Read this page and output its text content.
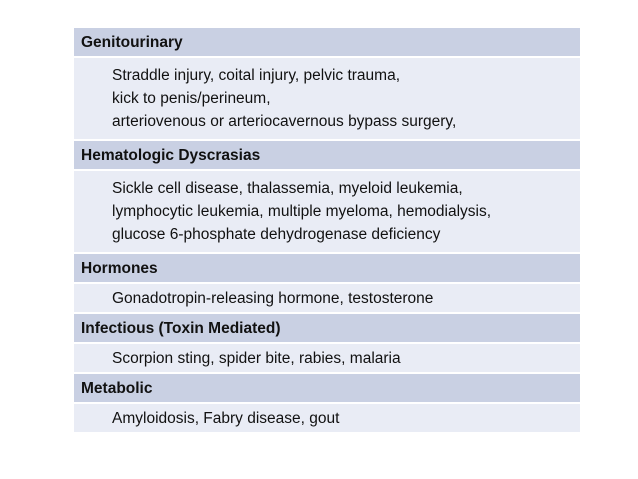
Genitourinary
Straddle injury, coital injury, pelvic trauma,
kick to penis/perineum,
arteriovenous or arteriocavernous bypass surgery,
Hematologic Dyscrasias
Sickle cell disease, thalassemia, myeloid leukemia,
lymphocytic leukemia, multiple myeloma, hemodialysis,
glucose 6-phosphate dehydrogenase deficiency
Hormones
Gonadotropin-releasing hormone, testosterone
Infectious (Toxin Mediated)
Scorpion sting, spider bite, rabies, malaria
Metabolic
Amyloidosis, Fabry disease, gout
